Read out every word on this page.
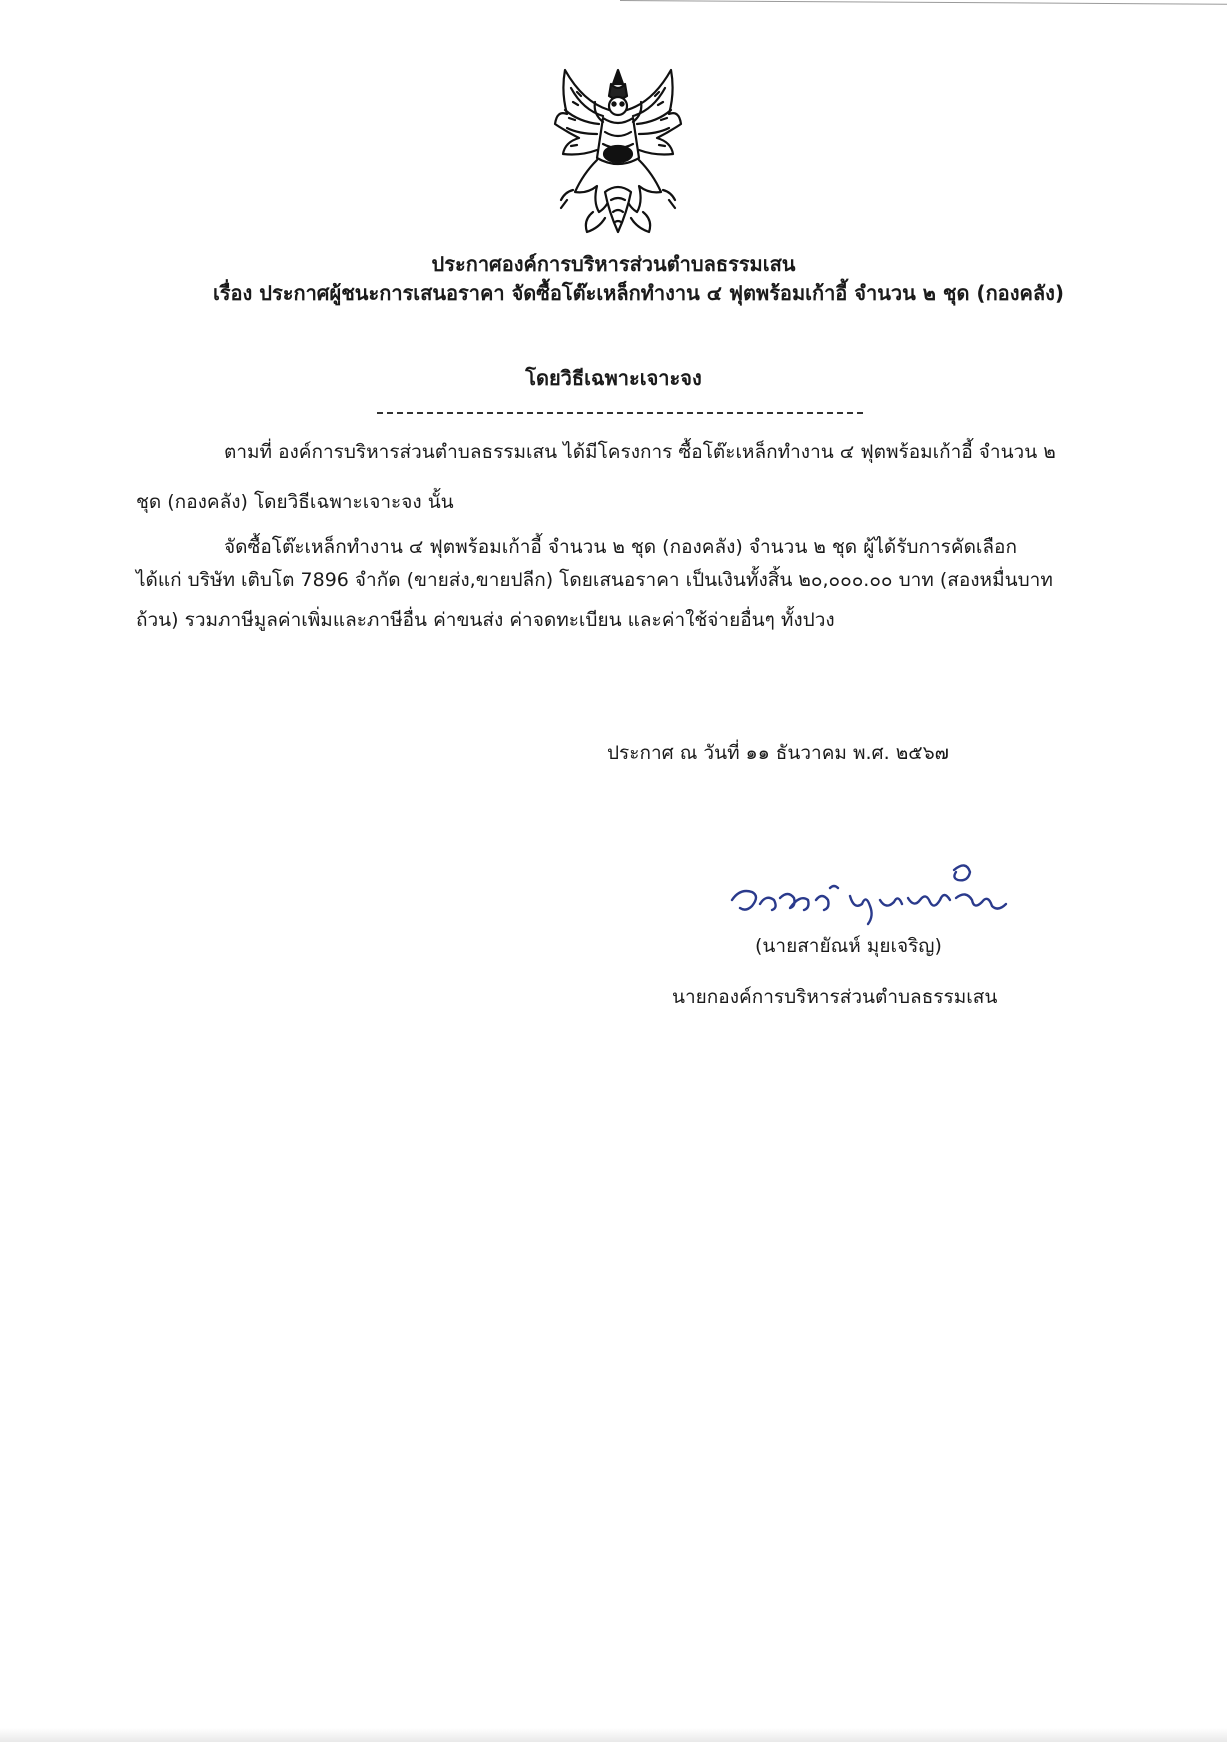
ประกาศองค์การบริหารส่วนตำบลธรรมเสน
เรื่อง ประกาศผู้ชนะการเสนอราคา จัดซื้อโต๊ะเหล็กทำงาน ๔ ฟุตพร้อมเก้าอี้ จำนวน ๒ ชุด (กองคลัง)
โดยวิธีเฉพาะเจาะจง
ตามที่ องค์การบริหารส่วนตำบลธรรมเสน ได้มีโครงการ ซื้อโต๊ะเหล็กทำงาน ๔ ฟุตพร้อมเก้าอี้ จำนวน ๒
ชุด (กองคลัง) โดยวิธีเฉพาะเจาะจง นั้น
จัดซื้อโต๊ะเหล็กทำงาน ๔ ฟุตพร้อมเก้าอี้ จำนวน ๒ ชุด (กองคลัง) จำนวน ๒ ชุด ผู้ได้รับการคัดเลือก
ได้แก่ บริษัท เติบโต 7896 จำกัด (ขายส่ง,ขายปลีก) โดยเสนอราคา เป็นเงินทั้งสิ้น ๒๐,๐๐๐.๐๐ บาท (สองหมื่นบาท
ถ้วน) รวมภาษีมูลค่าเพิ่มและภาษีอื่น ค่าขนส่ง ค่าจดทะเบียน และค่าใช้จ่ายอื่นๆ ทั้งปวง
ประกาศ ณ วันที่ ๑๑ ธันวาคม พ.ศ. ๒๕๖๗
(นายสายัณห์ มุยเจริญ)
นายกองค์การบริหารส่วนตำบลธรรมเสน
